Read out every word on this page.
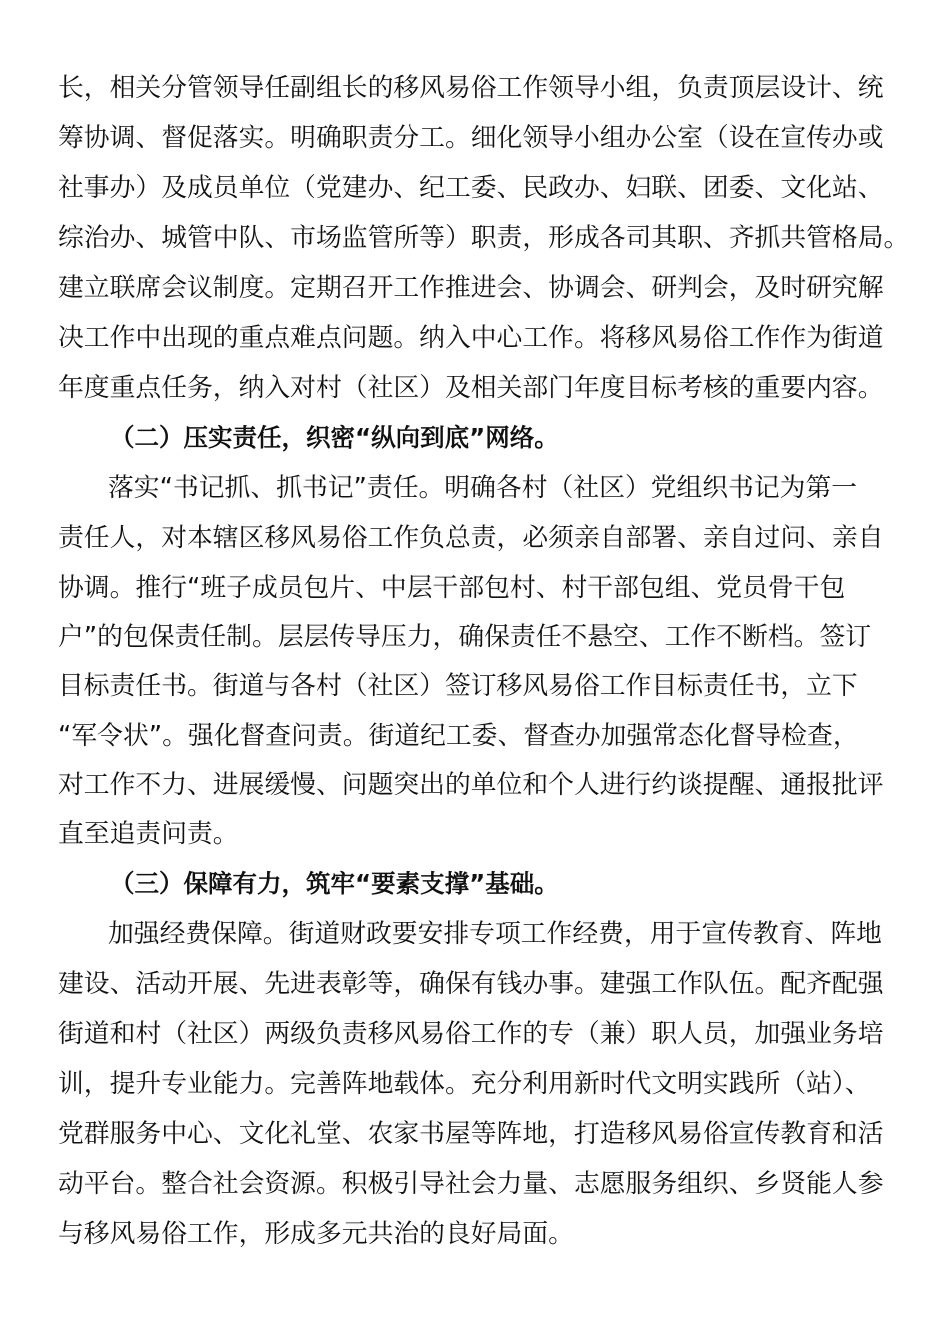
长，相关分管领导任副组长的移风易俗工作领导小组，负责顶层设计、统
筹协调、督促落实。明确职责分工。细化领导小组办公室（设在宣传办或
社事办）及成员单位（党建办、纪工委、民政办、妇联、团委、文化站、
综治办、城管中队、市场监管所等）职责，形成各司其职、齐抓共管格局。
建立联席会议制度。定期召开工作推进会、协调会、研判会，及时研究解
决工作中出现的重点难点问题。纳入中心工作。将移风易俗工作作为街道
年度重点任务，纳入对村（社区）及相关部门年度目标考核的重要内容。
（二）压实责任，织密“纵向到底”网络。
落实“书记抓、抓书记”责任。明确各村（社区）党组织书记为第一
责任人，对本辖区移风易俗工作负总责，必须亲自部署、亲自过问、亲自
协调。推行“班子成员包片、中层干部包村、村干部包组、党员骨干包
户”的包保责任制。层层传导压力，确保责任不悬空、工作不断档。签订
目标责任书。街道与各村（社区）签订移风易俗工作目标责任书，立下
“军令状”。强化督查问责。街道纪工委、督查办加强常态化督导检查，
对工作不力、进展缓慢、问题突出的单位和个人进行约谈提醒、通报批评
直至追责问责。
（三）保障有力，筑牢“要素支撑”基础。
加强经费保障。街道财政要安排专项工作经费，用于宣传教育、阵地
建设、活动开展、先进表彰等，确保有钱办事。建强工作队伍。配齐配强
街道和村（社区）两级负责移风易俗工作的专（兼）职人员，加强业务培
训，提升专业能力。完善阵地载体。充分利用新时代文明实践所（站）、
党群服务中心、文化礼堂、农家书屋等阵地，打造移风易俗宣传教育和活
动平台。整合社会资源。积极引导社会力量、志愿服务组织、乡贤能人参
与移风易俗工作，形成多元共治的良好局面。
